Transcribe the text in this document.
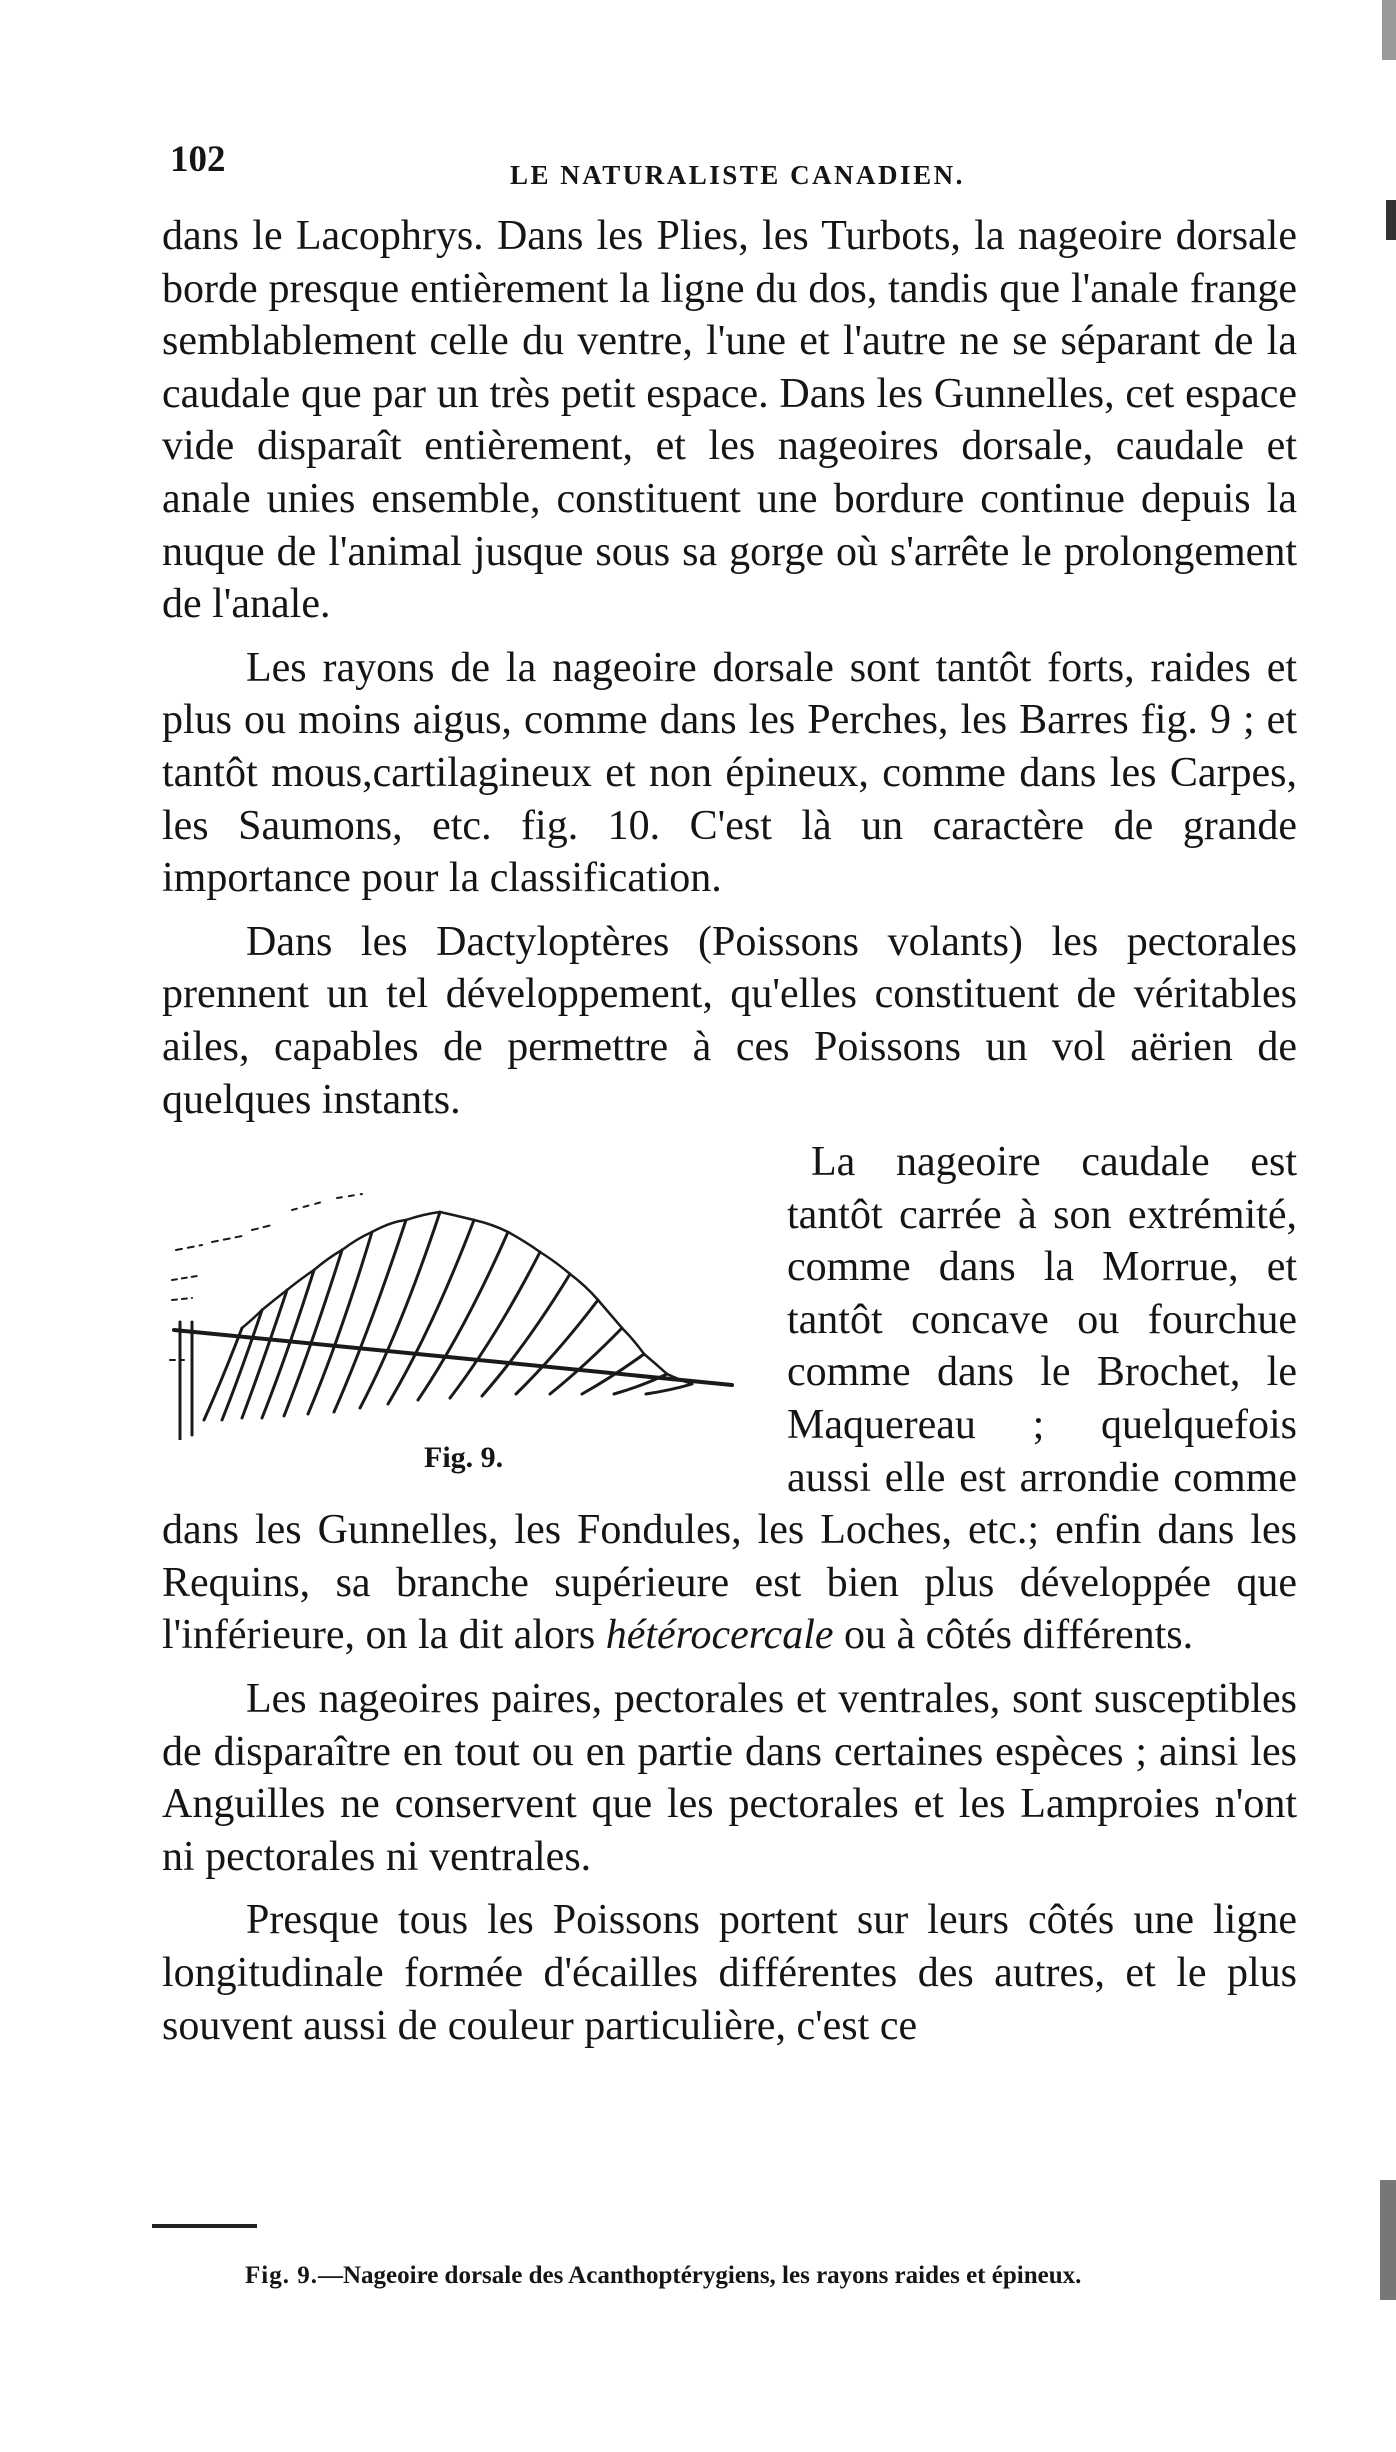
102	LE NATURALISTE CANADIEN.

dans le Lacophrys. Dans les Plies, les Turbots, la nageoire dorsale borde presque entièrement la ligne du dos, tandis que l'anale frange semblablement celle du ventre, l'une et l'autre ne se séparant de la caudale que par un très petit espace. Dans les Gunnelles, cet espace vide disparaît entièrement, et les nageoires dorsale, caudale et anale unies ensemble, constituent une bordure continue depuis la nuque de l'animal jusque sous sa gorge où s'arrête le prolongement de l'anale.

Les rayons de la nageoire dorsale sont tantôt forts, raides et plus ou moins aigus, comme dans les Perches, les Barres fig. 9 ; et tantôt mous,cartilagineux et non épineux, comme dans les Carpes, les Saumons, etc. fig. 10. C'est là un caractère de grande importance pour la classification.

Dans les Dactyloptères (Poissons volants) les pectorales prennent un tel développement, qu'elles constituent de véritables ailes, capables de permettre à ces Poissons un vol aërien de quelques instants.

Fig. 9.

La nageoire caudale est tantôt carrée à son extrémité, comme dans la Morrue, et tantôt concave ou fourchue comme dans le Brochet, le Maquereau ; quelquefois aussi elle est arrondie comme dans les Gunnelles, les Fondules, les Loches, etc.; enfin dans les Requins, sa branche supérieure est bien plus développée que l'inférieure, on la dit alors hétérocercale ou à côtés différents.

Les nageoires paires, pectorales et ventrales, sont susceptibles de disparaître en tout ou en partie dans certaines espèces ; ainsi les Anguilles ne conservent que les pectorales et les Lamproies n'ont ni pectorales ni ventrales.

Presque tous les Poissons portent sur leurs côtés une ligne longitudinale formée d'écailles différentes des autres, et le plus souvent aussi de couleur particulière, c'est ce

Fig. 9.—Nageoire dorsale des Acanthoptérygiens, les rayons raides et épineux.
